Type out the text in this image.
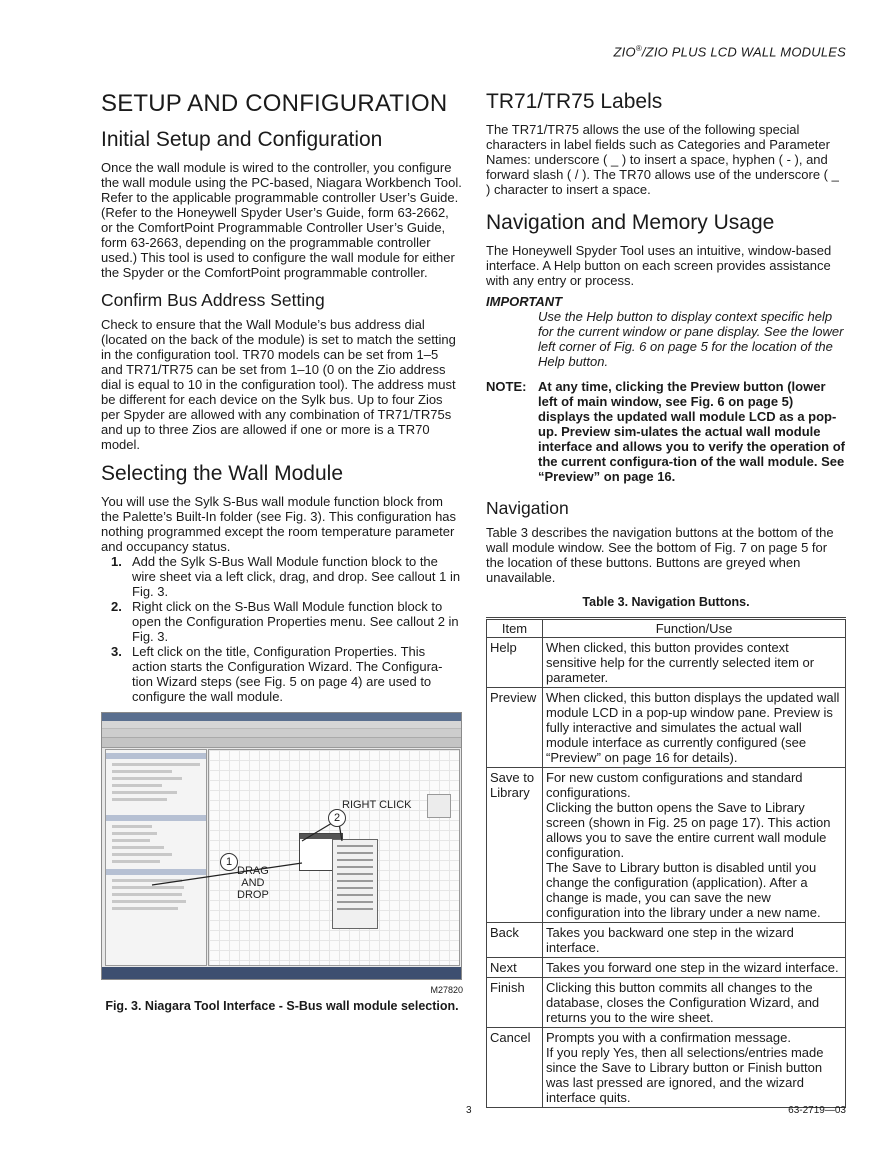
ZIO®/ZIO PLUS LCD WALL MODULES
SETUP AND CONFIGURATION
Initial Setup and Configuration

Once the wall module is wired to the controller, you configure the wall module using the PC-based, Niagara Workbench Tool. Refer to the applicable programmable controller User’s Guide. (Refer to the Honeywell Spyder User’s Guide, form 63-2662, or the ComfortPoint Programmable Controller User’s Guide, form 63-2663, depending on the programmable controller used.) This tool is used to configure the wall module for either the Spyder or the ComfortPoint programmable controller.

Confirm Bus Address Setting

Check to ensure that the Wall Module’s bus address dial (located on the back of the module) is set to match the setting in the configuration tool. TR70 models can be set from 1–5 and TR71/TR75 can be set from 1–10 (0 on the Zio address dial is equal to 10 in the configuration tool). The address must be different for each device on the Sylk bus. Up to four Zios per Spyder are allowed with any combination of TR71/TR75s and up to three Zios are allowed if one or more is a TR70 model.

Selecting the Wall Module

You will use the Sylk S-Bus wall module function block from the Palette’s Built-In folder (see Fig. 3). This configuration has nothing programmed except the room temperature parameter and occupancy status.

1. Add the Sylk S-Bus Wall Module function block to the wire sheet via a left click, drag, and drop. See callout 1 in Fig. 3.
2. Right click on the S-Bus Wall Module function block to open the Configuration Properties menu. See callout 2 in Fig. 3.
3. Left click on the title, Configuration Properties. This action starts the Configuration Wizard. The Configura-tion Wizard steps (see Fig. 5 on page 4) are used to configure the wall module.
2
RIGHT CLICK
1
DRAG
AND
DROP
M27820
Fig. 3. Niagara Tool Interface - S-Bus wall module selection.
TR71/TR75 Labels

The TR71/TR75 allows the use of the following special characters in label fields such as Categories and Parameter Names: underscore ( _ ) to insert a space, hyphen ( - ), and forward slash ( / ). The TR70 allows use of the underscore ( _ ) character to insert a space.

Navigation and Memory Usage

The Honeywell Spyder Tool uses an intuitive, window-based interface. A Help button on each screen provides assistance with any entry or process.

IMPORTANT

Use the Help button to display context specific help for the current window or pane display. See the lower left corner of Fig. 6 on page 5 for the location of the Help button.

NOTE: At any time, clicking the Preview button (lower left of main window, see Fig. 6 on page 5) displays the updated wall module LCD as a pop-up. Preview sim-ulates the actual wall module interface and allows you to verify the operation of the current configura-tion of the wall module. See “Preview” on page 16.
Navigation

Table 3 describes the navigation buttons at the bottom of the wall module window. See the bottom of Fig. 7 on page 5 for the location of these buttons. Buttons are greyed when unavailable.

Table 3. Navigation Buttons.
Item	Function/Use
Help	When clicked, this button provides context sensitive help for the currently selected item or parameter.
Preview	When clicked, this button displays the updated wall module LCD in a pop-up window pane. Preview is fully interactive and simulates the actual wall module interface as currently configured (see “Preview” on page 16 for details).
Save to Library	For new custom configurations and standard configurations.
Clicking the button opens the Save to Library screen (shown in Fig. 25 on page 17). This action allows you to save the entire current wall module configuration.
The Save to Library button is disabled until you change the configuration (application). After a change is made, you can save the new configuration into the library under a new name.
Back	Takes you backward one step in the wizard interface.
Next	Takes you forward one step in the wizard interface.
Finish	Clicking this button commits all changes to the database, closes the Configuration Wizard, and returns you to the wire sheet.
Cancel	Prompts you with a confirmation message.
If you reply Yes, then all selections/entries made since the Save to Library button or Finish button was last pressed are ignored, and the wizard interface quits.
3	63-2719—03
